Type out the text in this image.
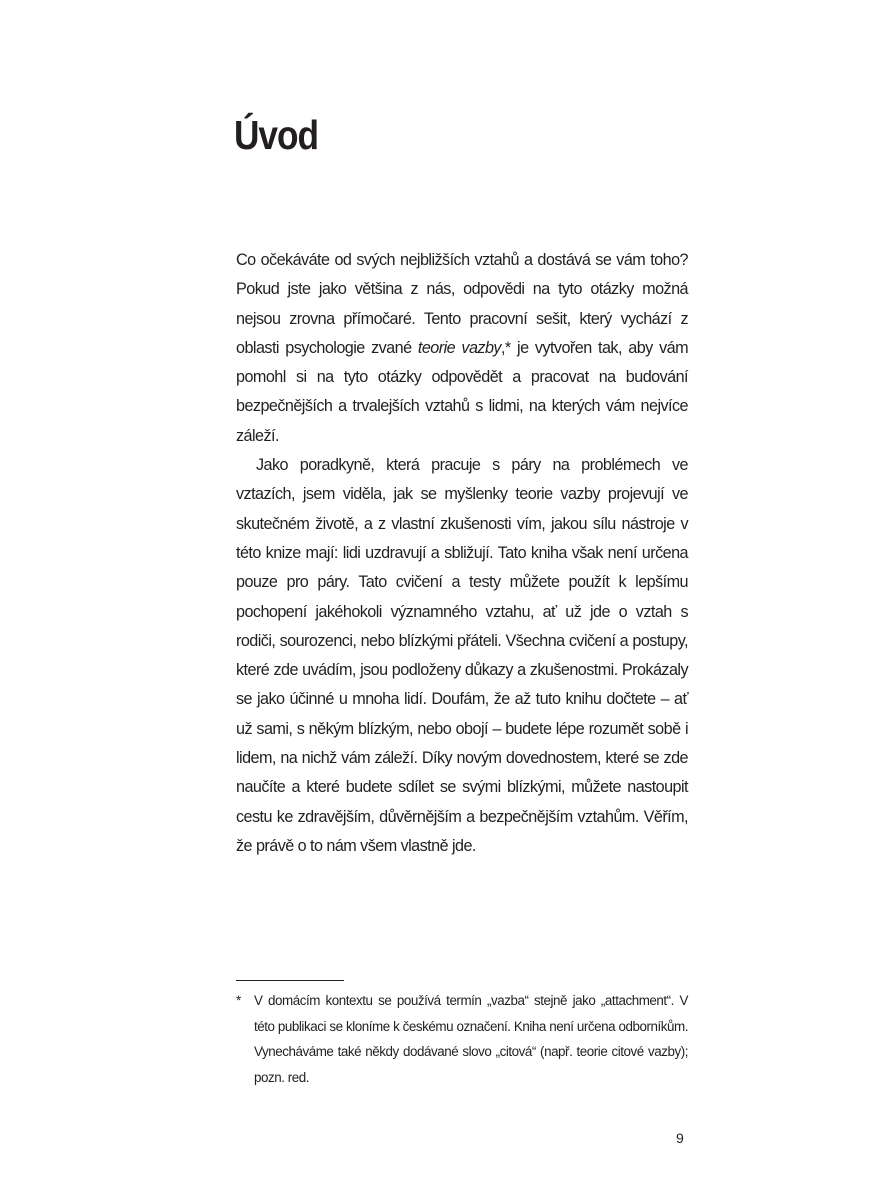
Úvod

Co očekáváte od svých nejbližších vztahů a dostává se vám toho? Pokud jste jako většina z nás, odpovědi na tyto otázky možná nejsou zrovna přímočaré. Tento pracovní sešit, který vychází z oblasti psychologie zvané teorie vazby,* je vytvořen tak, aby vám pomohl si na tyto otázky odpovědět a pracovat na budování bezpečnějších a trvalejších vztahů s lidmi, na kterých vám nejvíce záleží.

Jako poradkyně, která pracuje s páry na problémech ve vztazích, jsem viděla, jak se myšlenky teorie vazby projevují ve skutečném životě, a z vlastní zkušenosti vím, jakou sílu nástroje v této knize mají: lidi uzdravují a sbližují. Tato kniha však není určena pouze pro páry. Tato cvičení a testy můžete použít k lepšímu pochopení jakéhokoli významného vztahu, ať už jde o vztah s rodiči, sourozenci, nebo blízkými přáteli. Všechna cvičení a postupy, které zde uvádím, jsou podloženy důkazy a zkušenostmi. Prokázaly se jako účinné u mnoha lidí. Doufám, že až tuto knihu dočtete – ať už sami, s někým blízkým, nebo obojí – budete lépe rozumět sobě i lidem, na nichž vám záleží. Díky novým dovednostem, které se zde naučíte a které budete sdílet se svými blízkými, můžete nastoupit cestu ke zdravějším, důvěrnějším a bezpečnějším vztahům. Věřím, že právě o to nám všem vlastně jde.

* V domácím kontextu se používá termín „vazba“ stejně jako „attachment“. V této publikaci se kloníme k českému označení. Kniha není určena odborníkům. Vynecháváme také někdy dodávané slovo „citová“ (např. teorie citové vazby); pozn. red.
9
